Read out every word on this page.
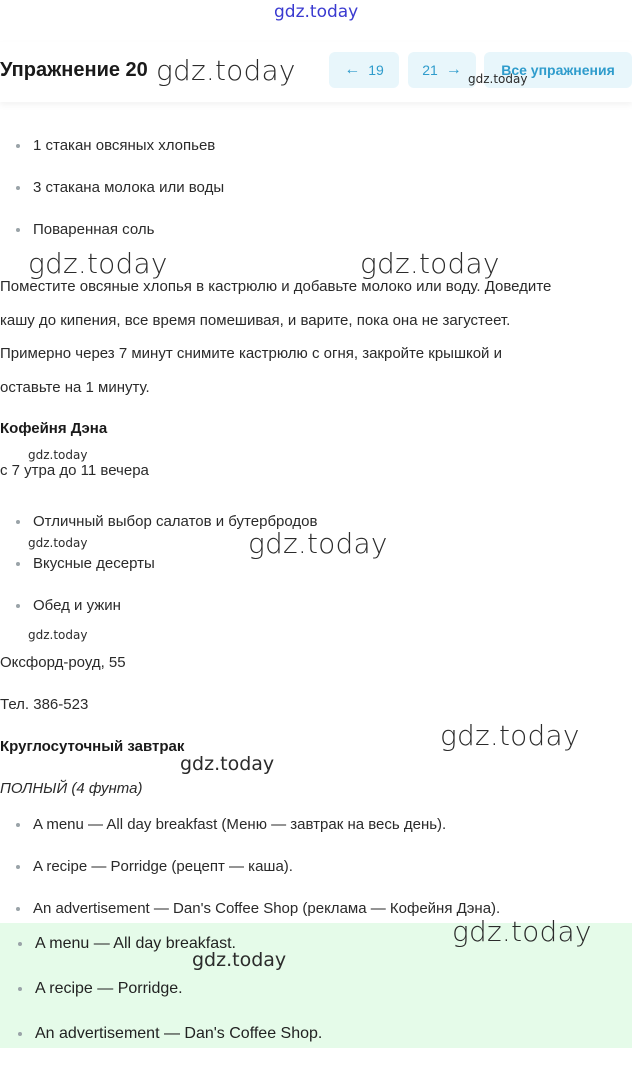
gdz.today
Упражнение 20	← 19	21 →	Все упражнения
1 стакан овсяных хлопьев
3 стакана молока или воды
Поваренная соль
Поместите овсяные хлопья в кастрюлю и добавьте молоко или воду. Доведите
кашу до кипения, все время помешивая, и варите, пока она не загустеет.
Примерно через 7 минут снимите кастрюлю с огня, закройте крышкой и
оставьте на 1 минуту.
Кофейня Дэна
с 7 утра до 11 вечера
Отличный выбор салатов и бутербродов
Вкусные десерты
Обед и ужин
Оксфорд-роуд, 55
Тел. 386-523
Круглосуточный завтрак
ПОЛНЫЙ (4 фунта)
A menu — All day breakfast (Меню — завтрак на весь день).
A recipe — Porridge (рецепт — каша).
An advertisement — Dan's Coffee Shop (реклама — Кофейня Дэна).
A menu — All day breakfast.
A recipe — Porridge.
An advertisement — Dan's Coffee Shop.
gdz.today	gdz.today
gdz.today	gdz.today
gdz.today
gdz.today	gdz.today
gdz.today
gdz.today
gdz.today
gdz.today
gdz.today
